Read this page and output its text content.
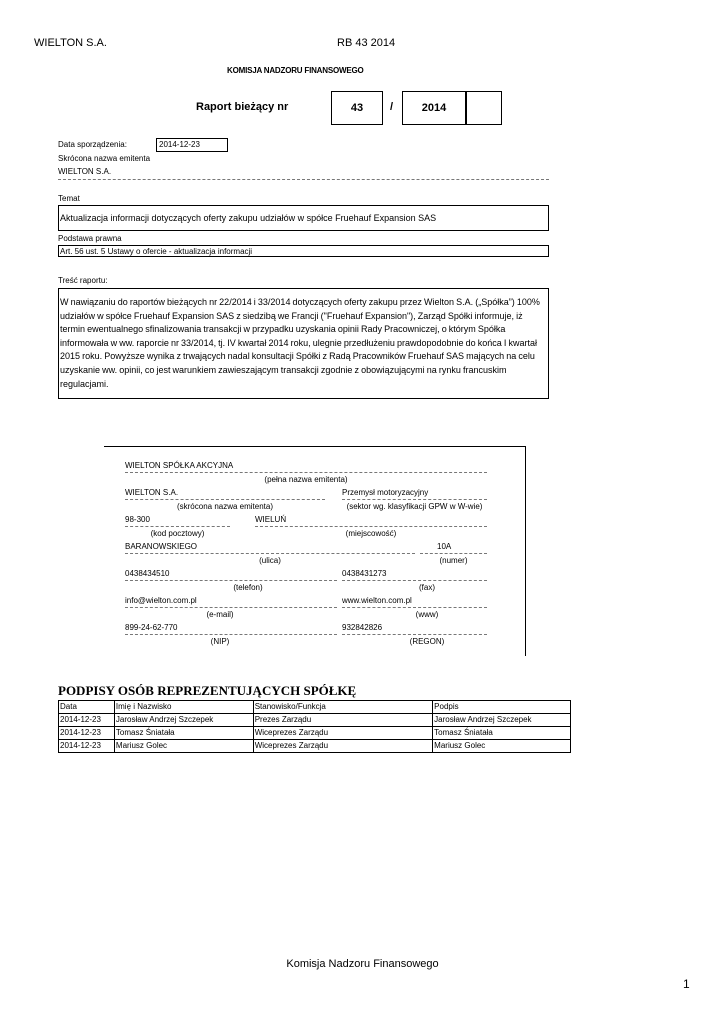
WIELTON S.A.	RB 43 2014
KOMISJA NADZORU FINANSOWEGO
Raport bieżący nr	43	/	2014
Data sporządzenia:	2014-12-23
Skrócona nazwa emitenta
WIELTON S.A.
Temat
Aktualizacja informacji dotyczących oferty zakupu udziałów w spółce Fruehauf Expansion SAS
Podstawa prawna
Art. 56 ust. 5 Ustawy o ofercie - aktualizacja informacji
Treść raportu:
W nawiązaniu do raportów bieżących nr 22/2014 i 33/2014 dotyczących oferty zakupu przez Wielton S.A. („Spółka”) 100% udziałów w spółce Fruehauf Expansion SAS z siedzibą we Francji ("Fruehauf Expansion"), Zarząd Spółki informuje, iż termin ewentualnego sfinalizowania transakcji w przypadku uzyskania opinii Rady Pracowniczej, o którym Spółka informowała w ww. raporcie nr 33/2014, tj. IV kwartał 2014 roku, ulegnie przedłużeniu prawdopodobnie do końca I kwartał 2015 roku. Powyższe wynika z trwających nadal konsultacji Spółki z Radą Pracowników Fruehauf SAS mających na celu uzyskanie ww. opinii, co jest warunkiem zawieszającym transakcji zgodnie z obowiązującymi na rynku francuskim regulacjami.
WIELTON SPÓŁKA AKCYJNA
(pełna nazwa emitenta)
WIELTON S.A.
(skrócona nazwa emitenta)
Przemysł motoryzacyjny
(sektor wg. klasyfikacji GPW w W-wie)
98-300
(kod pocztowy)
WIELUŃ
(miejscowość)
BARANOWSKIEGO
(ulica)
10A
(numer)
0438434510
(telefon)
0438431273
(fax)
info@wielton.com.pl
(e-mail)
www.wielton.com.pl
(www)
899-24-62-770
(NIP)
932842826
(REGON)
PODPISY OSÓB REPREZENTUJĄCYCH SPÓŁKĘ
Data	Imię i Nazwisko	Stanowisko/Funkcja	Podpis
2014-12-23	Jarosław Andrzej Szczepek	Prezes Zarządu	Jarosław Andrzej Szczepek
2014-12-23	Tomasz Śniatała	Wiceprezes Zarządu	Tomasz Śniatała
2014-12-23	Mariusz Golec	Wiceprezes Zarządu	Mariusz Golec
Komisja Nadzoru Finansowego
1
